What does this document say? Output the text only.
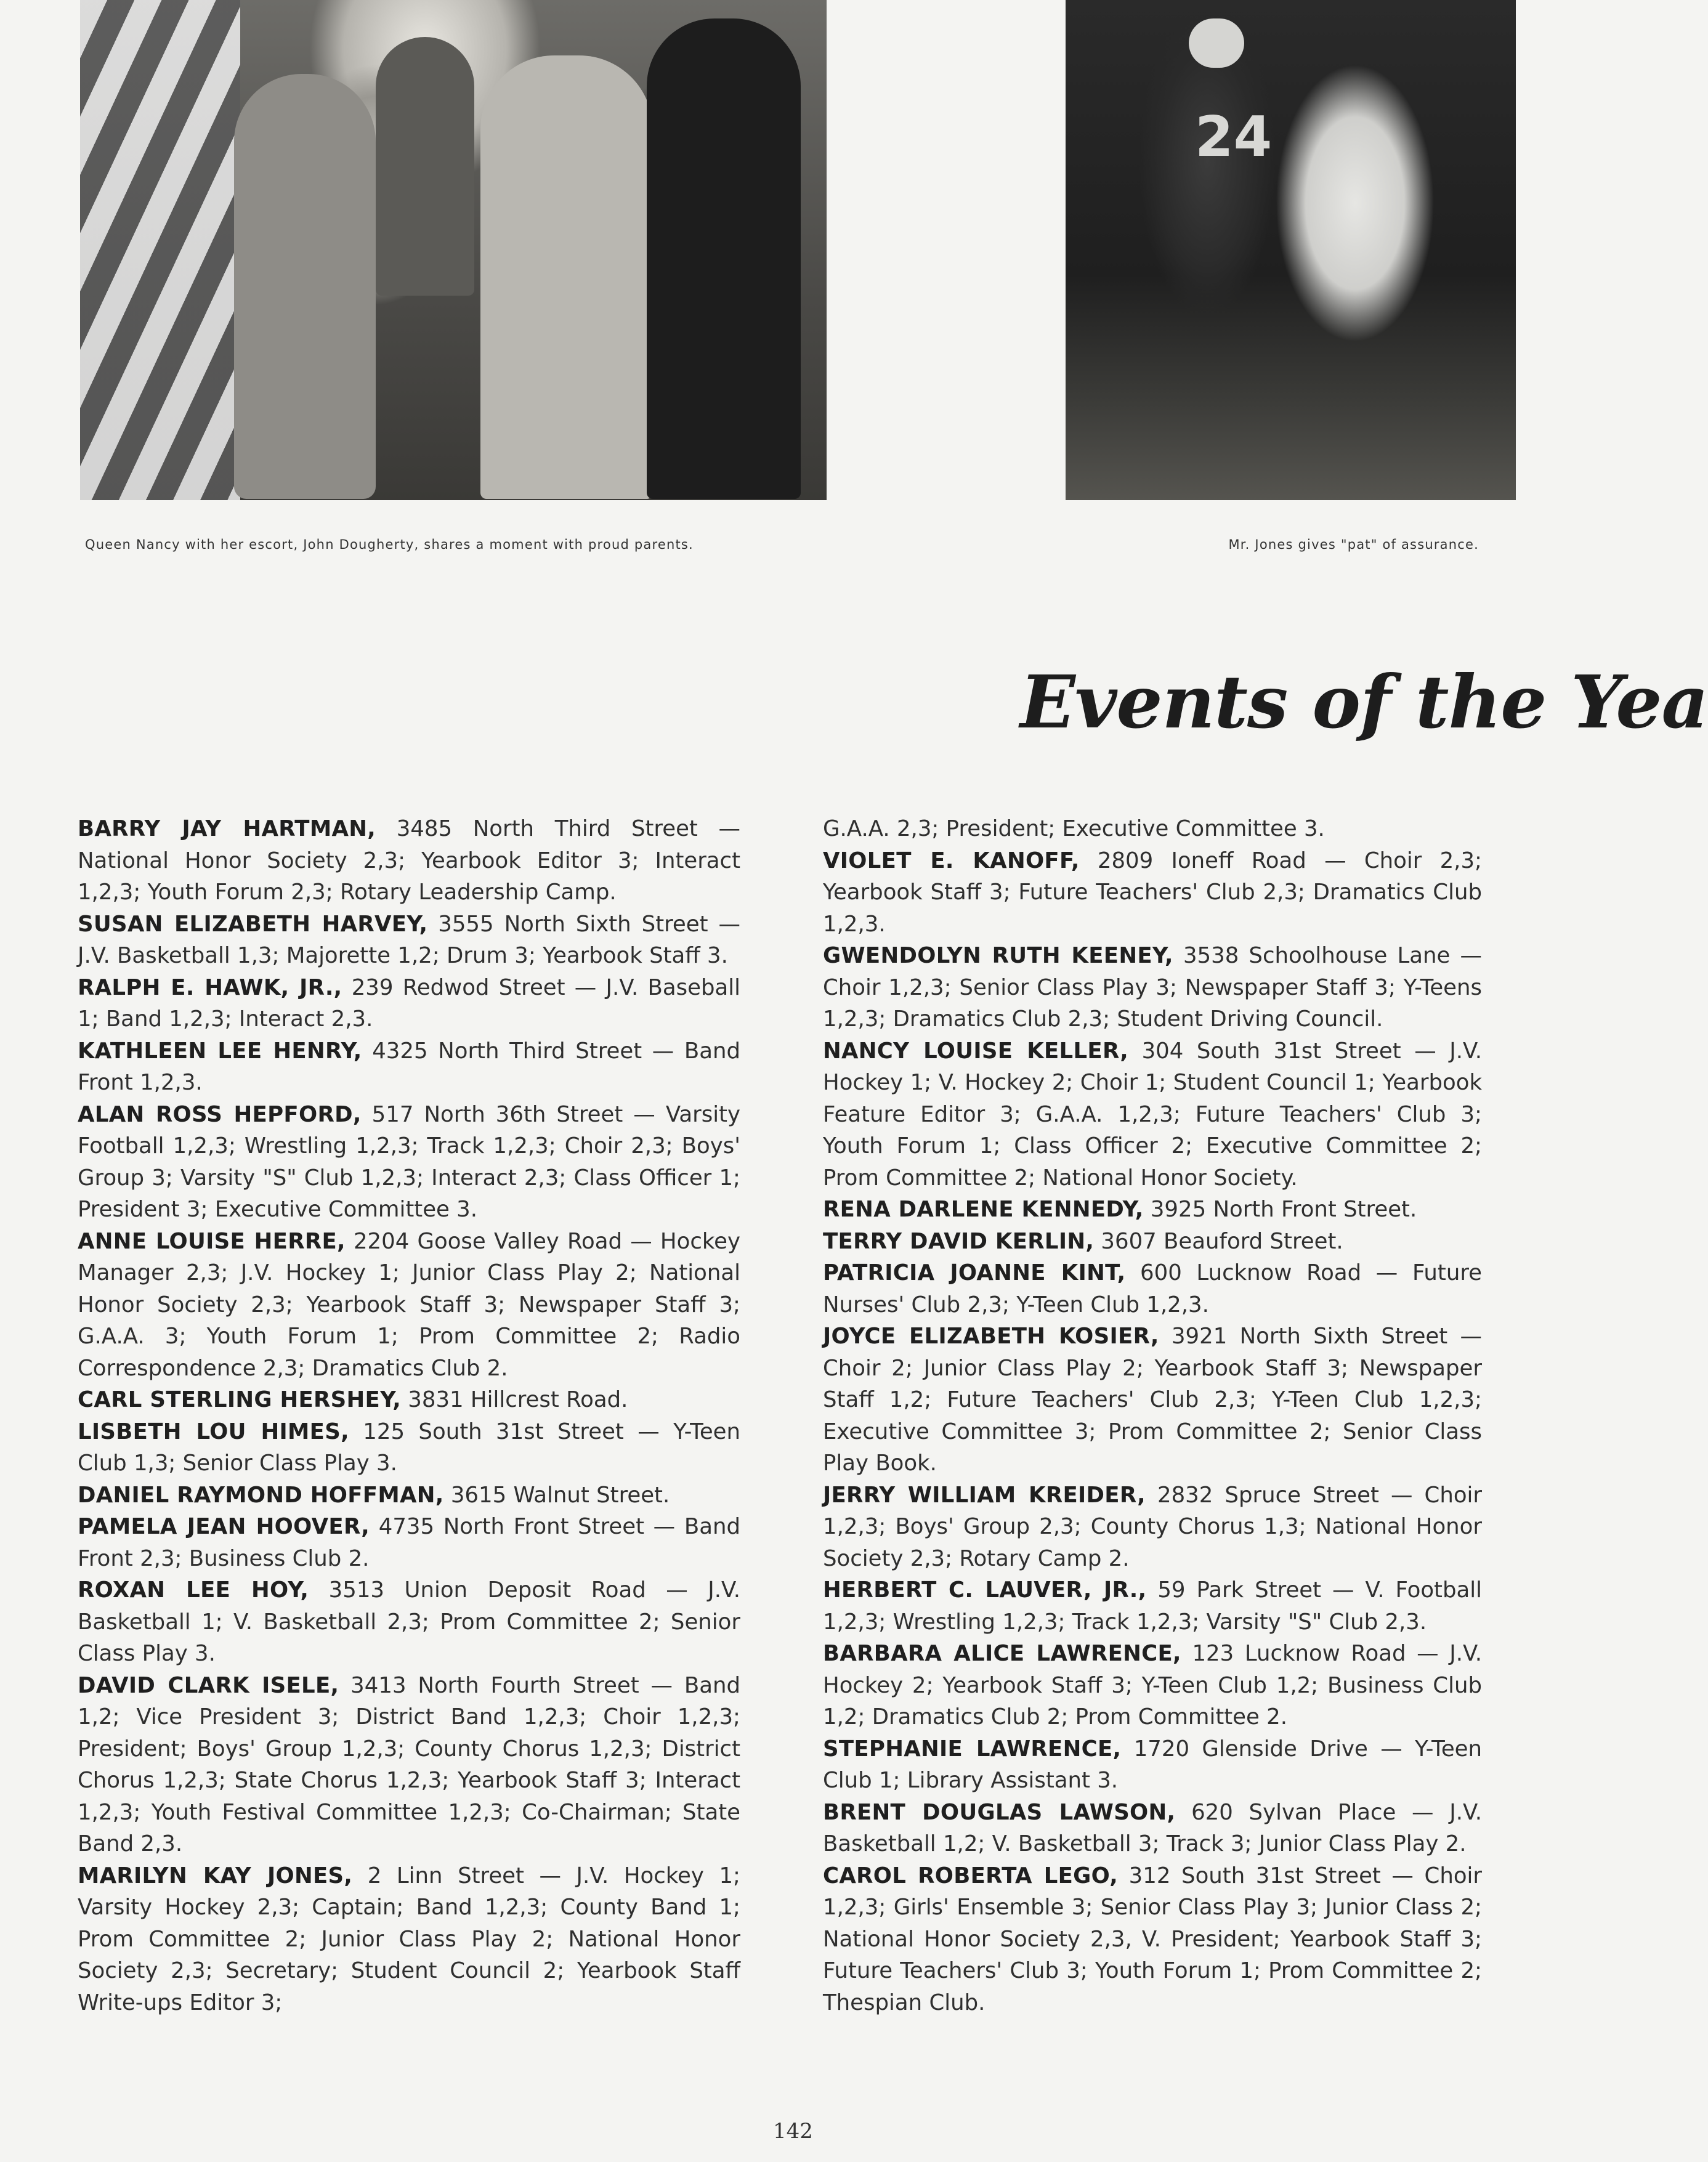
24
Queen Nancy with her escort, John Dougherty, shares a moment with proud parents.	Mr. Jones gives "pat" of assurance.
Events of the Yea

BARRY JAY HARTMAN, 3485 North Third Street — National Honor Society 2,3; Yearbook Editor 3; Interact 1,2,3; Youth Forum 2,3; Rotary Leadership Camp.

SUSAN ELIZABETH HARVEY, 3555 North Sixth Street — J.V. Basketball 1,3; Majorette 1,2; Drum 3; Yearbook Staff 3.

RALPH E. HAWK, JR., 239 Redwod Street — J.V. Baseball 1; Band 1,2,3; Interact 2,3.

KATHLEEN LEE HENRY, 4325 North Third Street — Band Front 1,2,3.

ALAN ROSS HEPFORD, 517 North 36th Street — Varsity Football 1,2,3; Wrestling 1,2,3; Track 1,2,3; Choir 2,3; Boys' Group 3; Varsity "S" Club 1,2,3; Interact 2,3; Class Officer 1; President 3; Executive Committee 3.

ANNE LOUISE HERRE, 2204 Goose Valley Road — Hockey Manager 2,3; J.V. Hockey 1; Junior Class Play 2; National Honor Society 2,3; Yearbook Staff 3; Newspaper Staff 3; G.A.A. 3; Youth Forum 1; Prom Committee 2; Radio Correspondence 2,3; Dramatics Club 2.

CARL STERLING HERSHEY, 3831 Hillcrest Road.

LISBETH LOU HIMES, 125 South 31st Street — Y-Teen Club 1,3; Senior Class Play 3.

DANIEL RAYMOND HOFFMAN, 3615 Walnut Street.

PAMELA JEAN HOOVER, 4735 North Front Street — Band Front 2,3; Business Club 2.

ROXAN LEE HOY, 3513 Union Deposit Road — J.V. Basketball 1; V. Basketball 2,3; Prom Committee 2; Senior Class Play 3.

DAVID CLARK ISELE, 3413 North Fourth Street — Band 1,2; Vice President 3; District Band 1,2,3; Choir 1,2,3; President; Boys' Group 1,2,3; County Chorus 1,2,3; District Chorus 1,2,3; State Chorus 1,2,3; Yearbook Staff 3; Interact 1,2,3; Youth Festival Committee 1,2,3; Co-Chairman; State Band 2,3.

MARILYN KAY JONES, 2 Linn Street — J.V. Hockey 1; Varsity Hockey 2,3; Captain; Band 1,2,3; County Band 1; Prom Committee 2; Junior Class Play 2; National Honor Society 2,3; Secretary; Student Council 2; Yearbook Staff Write-ups Editor 3;

G.A.A. 2,3; President; Executive Committee 3.

VIOLET E. KANOFF, 2809 Ioneff Road — Choir 2,3; Yearbook Staff 3; Future Teachers' Club 2,3; Dramatics Club 1,2,3.

GWENDOLYN RUTH KEENEY, 3538 Schoolhouse Lane — Choir 1,2,3; Senior Class Play 3; Newspaper Staff 3; Y-Teens 1,2,3; Dramatics Club 2,3; Student Driving Council.

NANCY LOUISE KELLER, 304 South 31st Street — J.V. Hockey 1; V. Hockey 2; Choir 1; Student Council 1; Yearbook Feature Editor 3; G.A.A. 1,2,3; Future Teachers' Club 3; Youth Forum 1; Class Officer 2; Executive Committee 2; Prom Committee 2; National Honor Society.

RENA DARLENE KENNEDY, 3925 North Front Street.

TERRY DAVID KERLIN, 3607 Beauford Street.

PATRICIA JOANNE KINT, 600 Lucknow Road — Future Nurses' Club 2,3; Y-Teen Club 1,2,3.

JOYCE ELIZABETH KOSIER, 3921 North Sixth Street — Choir 2; Junior Class Play 2; Yearbook Staff 3; Newspaper Staff 1,2; Future Teachers' Club 2,3; Y-Teen Club 1,2,3; Executive Committee 3; Prom Committee 2; Senior Class Play Book.

JERRY WILLIAM KREIDER, 2832 Spruce Street — Choir 1,2,3; Boys' Group 2,3; County Chorus 1,3; National Honor Society 2,3; Rotary Camp 2.

HERBERT C. LAUVER, JR., 59 Park Street — V. Football 1,2,3; Wrestling 1,2,3; Track 1,2,3; Varsity "S" Club 2,3.

BARBARA ALICE LAWRENCE, 123 Lucknow Road — J.V. Hockey 2; Yearbook Staff 3; Y-Teen Club 1,2; Business Club 1,2; Dramatics Club 2; Prom Committee 2.

STEPHANIE LAWRENCE, 1720 Glenside Drive — Y-Teen Club 1; Library Assistant 3.

BRENT DOUGLAS LAWSON, 620 Sylvan Place — J.V. Basketball 1,2; V. Basketball 3; Track 3; Junior Class Play 2.

CAROL ROBERTA LEGO, 312 South 31st Street — Choir 1,2,3; Girls' Ensemble 3; Senior Class Play 3; Junior Class 2; National Honor Society 2,3, V. President; Yearbook Staff 3; Future Teachers' Club 3; Youth Forum 1; Prom Committee 2; Thespian Club.

142
